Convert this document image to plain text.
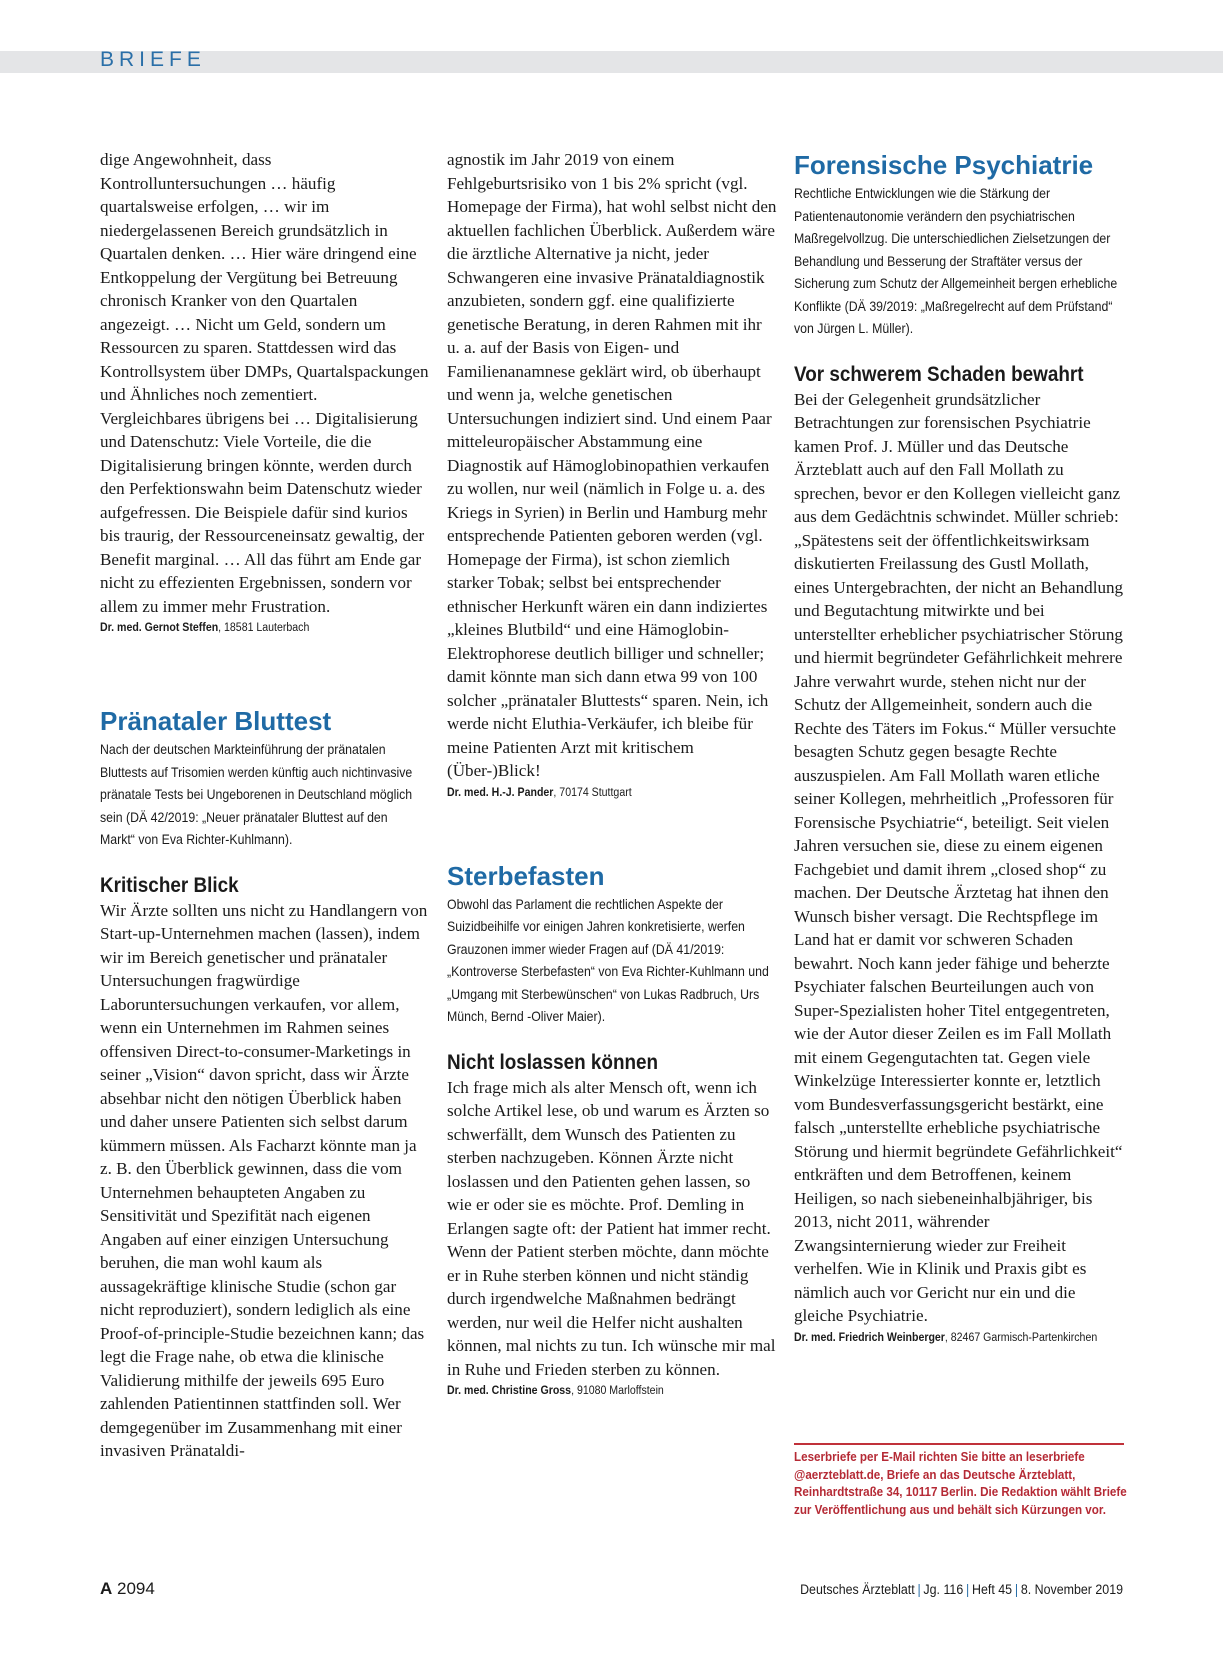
BRIEFE

dige Angewohnheit, dass Kontrolluntersuchungen … häufig quartalsweise erfolgen, … wir im niedergelassenen Bereich grundsätzlich in Quartalen denken. … Hier wäre dringend eine Entkoppelung der Vergütung bei Betreuung chronisch Kranker von den Quartalen angezeigt. … Nicht um Geld, sondern um Ressourcen zu sparen. Stattdessen wird das Kontrollsystem über DMPs, Quartalspackungen und Ähnliches noch zementiert.

Vergleichbares übrigens bei … Digitalisierung und Datenschutz: Viele Vorteile, die die Digitalisierung bringen könnte, werden durch den Perfektionswahn beim Datenschutz wieder aufgefressen. Die Beispiele dafür sind kurios bis traurig, der Ressourceneinsatz gewaltig, der Benefit marginal. … All das führt am Ende gar nicht zu effezienten Ergebnissen, sondern vor allem zu immer mehr Frustration.

Dr. med. Gernot Steffen, 18581 Lauterbach

Pränataler Bluttest

Nach der deutschen Markteinführung der pränatalen Bluttests auf Trisomien werden künftig auch nichtinvasive pränatale Tests bei Ungeborenen in Deutschland möglich sein (DÄ 42/2019: „Neuer pränataler Bluttest auf den Markt“ von Eva Richter-Kuhlmann).

Kritischer Blick

Wir Ärzte sollten uns nicht zu Handlangern von Start-up-Unternehmen machen (lassen), indem wir im Bereich genetischer und pränataler Untersuchungen fragwürdige Laboruntersuchungen verkaufen, vor allem, wenn ein Unternehmen im Rahmen seines offensiven Direct-to-consumer-Marketings in seiner „Vision“ davon spricht, dass wir Ärzte absehbar nicht den nötigen Überblick haben und daher unsere Patienten sich selbst darum kümmern müssen. Als Facharzt könnte man ja z. B. den Überblick gewinnen, dass die vom Unternehmen behaupteten Angaben zu Sensitivität und Spezifität nach eigenen Angaben auf einer einzigen Untersuchung beruhen, die man wohl kaum als aussagekräftige klinische Studie (schon gar nicht reproduziert), sondern lediglich als eine Proof-of-principle-Studie bezeichnen kann; das legt die Frage nahe, ob etwa die klinische Validierung mithilfe der jeweils 695 Euro zahlenden Patientinnen stattfinden soll. Wer demgegenüber im Zusammenhang mit einer invasiven Pränataldi-

agnostik im Jahr 2019 von einem Fehlgeburtsrisiko von 1 bis 2% spricht (vgl. Homepage der Firma), hat wohl selbst nicht den aktuellen fachlichen Überblick. Außerdem wäre die ärztliche Alternative ja nicht, jeder Schwangeren eine invasive Pränataldiagnostik anzubieten, sondern ggf. eine qualifizierte genetische Beratung, in deren Rahmen mit ihr u. a. auf der Basis von Eigen- und Familienanamnese geklärt wird, ob überhaupt und wenn ja, welche genetischen Untersuchungen indiziert sind. Und einem Paar mitteleuropäischer Abstammung eine Diagnostik auf Hämoglobinopathien verkaufen zu wollen, nur weil (nämlich in Folge u. a. des Kriegs in Syrien) in Berlin und Hamburg mehr entsprechende Patienten geboren werden (vgl. Homepage der Firma), ist schon ziemlich starker Tobak; selbst bei entsprechender ethnischer Herkunft wären ein dann indiziertes „kleines Blutbild“ und eine Hämoglobin-Elektrophorese deutlich billiger und schneller; damit könnte man sich dann etwa 99 von 100 solcher „pränataler Bluttests“ sparen. Nein, ich werde nicht Eluthia-Verkäufer, ich bleibe für meine Patienten Arzt mit kritischem (Über-)Blick!

Dr. med. H.-J. Pander, 70174 Stuttgart

Sterbefasten

Obwohl das Parlament die rechtlichen Aspekte der Suizidbeihilfe vor einigen Jahren konkretisierte, werfen Grauzonen immer wieder Fragen auf (DÄ 41/2019: „Kontroverse Sterbefasten“ von Eva Richter-Kuhlmann und „Umgang mit Sterbewünschen“ von Lukas Radbruch, Urs Münch, Bernd -Oliver Maier).

Nicht loslassen können

Ich frage mich als alter Mensch oft, wenn ich solche Artikel lese, ob und warum es Ärzten so schwerfällt, dem Wunsch des Patienten zu sterben nachzugeben. Können Ärzte nicht loslassen und den Patienten gehen lassen, so wie er oder sie es möchte. Prof. Demling in Erlangen sagte oft: der Patient hat immer recht. Wenn der Patient sterben möchte, dann möchte er in Ruhe sterben können und nicht ständig durch irgendwelche Maßnahmen bedrängt werden, nur weil die Helfer nicht aushalten können, mal nichts zu tun. Ich wünsche mir mal in Ruhe und Frieden sterben zu können.

Dr. med. Christine Gross, 91080 Marloffstein

Forensische Psychiatrie

Rechtliche Entwicklungen wie die Stärkung der Patientenautonomie verändern den psychiatrischen Maßregelvollzug. Die unterschiedlichen Zielsetzungen der Behandlung und Besserung der Straftäter versus der Sicherung zum Schutz der Allgemeinheit bergen erhebliche Konflikte (DÄ 39/2019: „Maßregelrecht auf dem Prüfstand“ von Jürgen L. Müller).

Vor schwerem Schaden bewahrt

Bei der Gelegenheit grundsätzlicher Betrachtungen zur forensischen Psychiatrie kamen Prof. J. Müller und das Deutsche Ärzteblatt auch auf den Fall Mollath zu sprechen, bevor er den Kollegen vielleicht ganz aus dem Gedächtnis schwindet. Müller schrieb: „Spätestens seit der öffentlichkeitswirksam diskutierten Freilassung des Gustl Mollath, eines Untergebrachten, der nicht an Behandlung und Begutachtung mitwirkte und bei unterstellter erheblicher psychiatrischer Störung und hiermit begründeter Gefährlichkeit mehrere Jahre verwahrt wurde, stehen nicht nur der Schutz der Allgemeinheit, sondern auch die Rechte des Täters im Fokus.“ Müller versuchte besagten Schutz gegen besagte Rechte auszuspielen. Am Fall Mollath waren etliche seiner Kollegen, mehrheitlich „Professoren für Forensische Psychiatrie“, beteiligt. Seit vielen Jahren versuchen sie, diese zu einem eigenen Fachgebiet und damit ihrem „closed shop“ zu machen. Der Deutsche Ärztetag hat ihnen den Wunsch bisher versagt. Die Rechtspflege im Land hat er damit vor schweren Schaden bewahrt. Noch kann jeder fähige und beherzte Psychiater falschen Beurteilungen auch von Super-Spezialisten hoher Titel entgegentreten, wie der Autor dieser Zeilen es im Fall Mollath mit einem Gegengutachten tat. Gegen viele Winkelzüge Interessierter konnte er, letztlich vom Bundesverfassungsgericht bestärkt, eine falsch „unterstellte erhebliche psychiatrische Störung und hiermit begründete Gefährlichkeit“ entkräften und dem Betroffenen, keinem Heiligen, so nach siebeneinhalbjähriger, bis 2013, nicht 2011, währender Zwangsinternierung wieder zur Freiheit verhelfen. Wie in Klinik und Praxis gibt es nämlich auch vor Gericht nur ein und die gleiche Psychiatrie.

Dr. med. Friedrich Weinberger, 82467 Garmisch-Partenkirchen

Leserbriefe per E-Mail richten Sie bitte an leserbriefe @aerzteblatt.de, Briefe an das Deutsche Ärzteblatt, Reinhardtstraße 34, 10117 Berlin. Die Redaktion wählt Briefe zur Veröffentlichung aus und behält sich Kürzungen vor.

A 2094	Deutsches Ärzteblatt | Jg. 116 | Heft 45 | 8. November 2019
